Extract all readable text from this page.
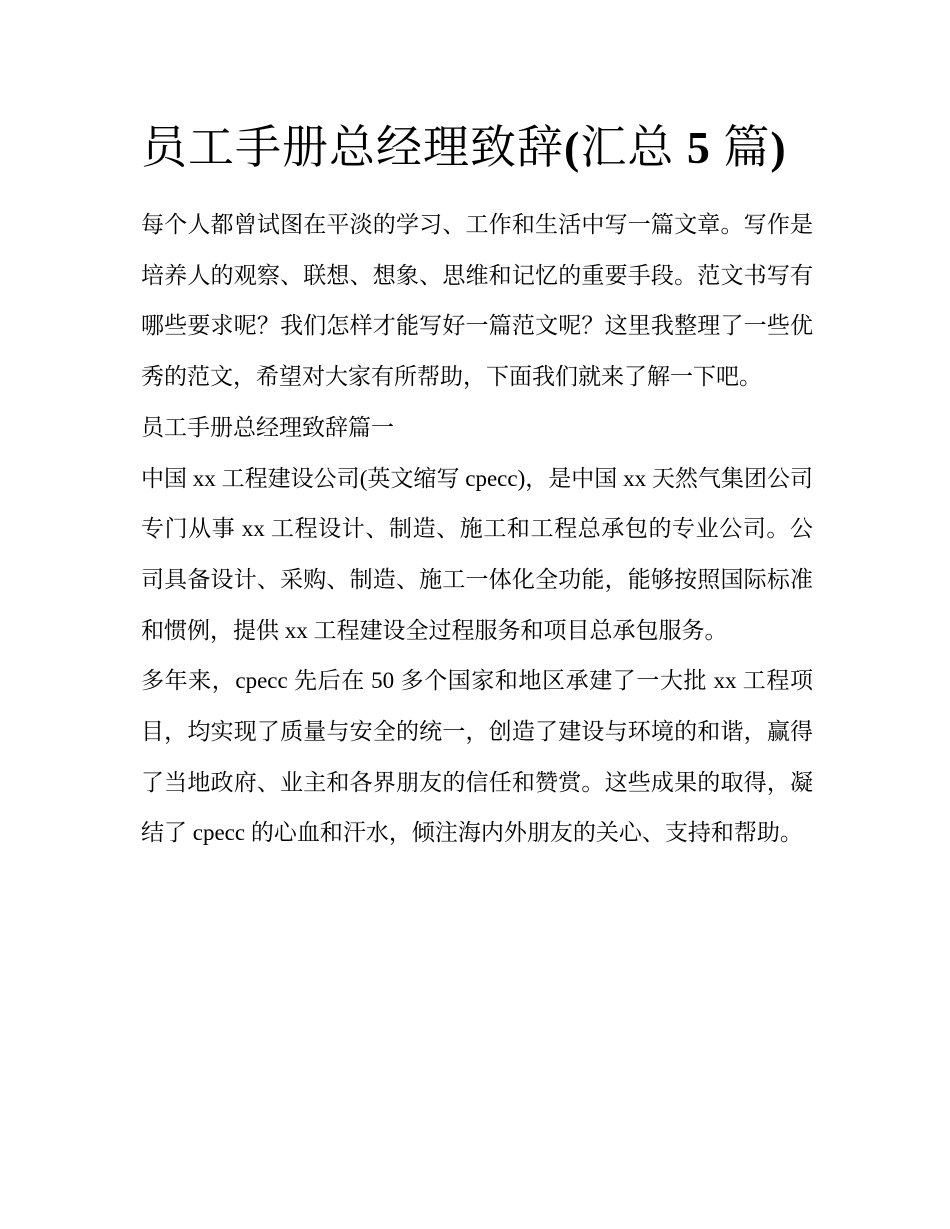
员工手册总经理致辞(汇总 5 篇)

每个人都曾试图在平淡的学习、工作和生活中写一篇文章。写作是培养人的观察、联想、想象、思维和记忆的重要手段。范文书写有哪些要求呢？我们怎样才能写好一篇范文呢？这里我整理了一些优秀的范文，希望对大家有所帮助，下面我们就来了解一下吧。

员工手册总经理致辞篇一

中国 xx 工程建设公司(英文缩写 cpecc)，是中国 xx 天然气集团公司专门从事 xx 工程设计、制造、施工和工程总承包的专业公司。公司具备设计、采购、制造、施工一体化全功能，能够按照国际标准和惯例，提供 xx 工程建设全过程服务和项目总承包服务。

多年来，cpecc 先后在 50 多个国家和地区承建了一大批 xx 工程项目，均实现了质量与安全的统一，创造了建设与环境的和谐，赢得了当地政府、业主和各界朋友的信任和赞赏。这些成果的取得，凝结了 cpecc 的心血和汗水，倾注海内外朋友的关心、支持和帮助。
